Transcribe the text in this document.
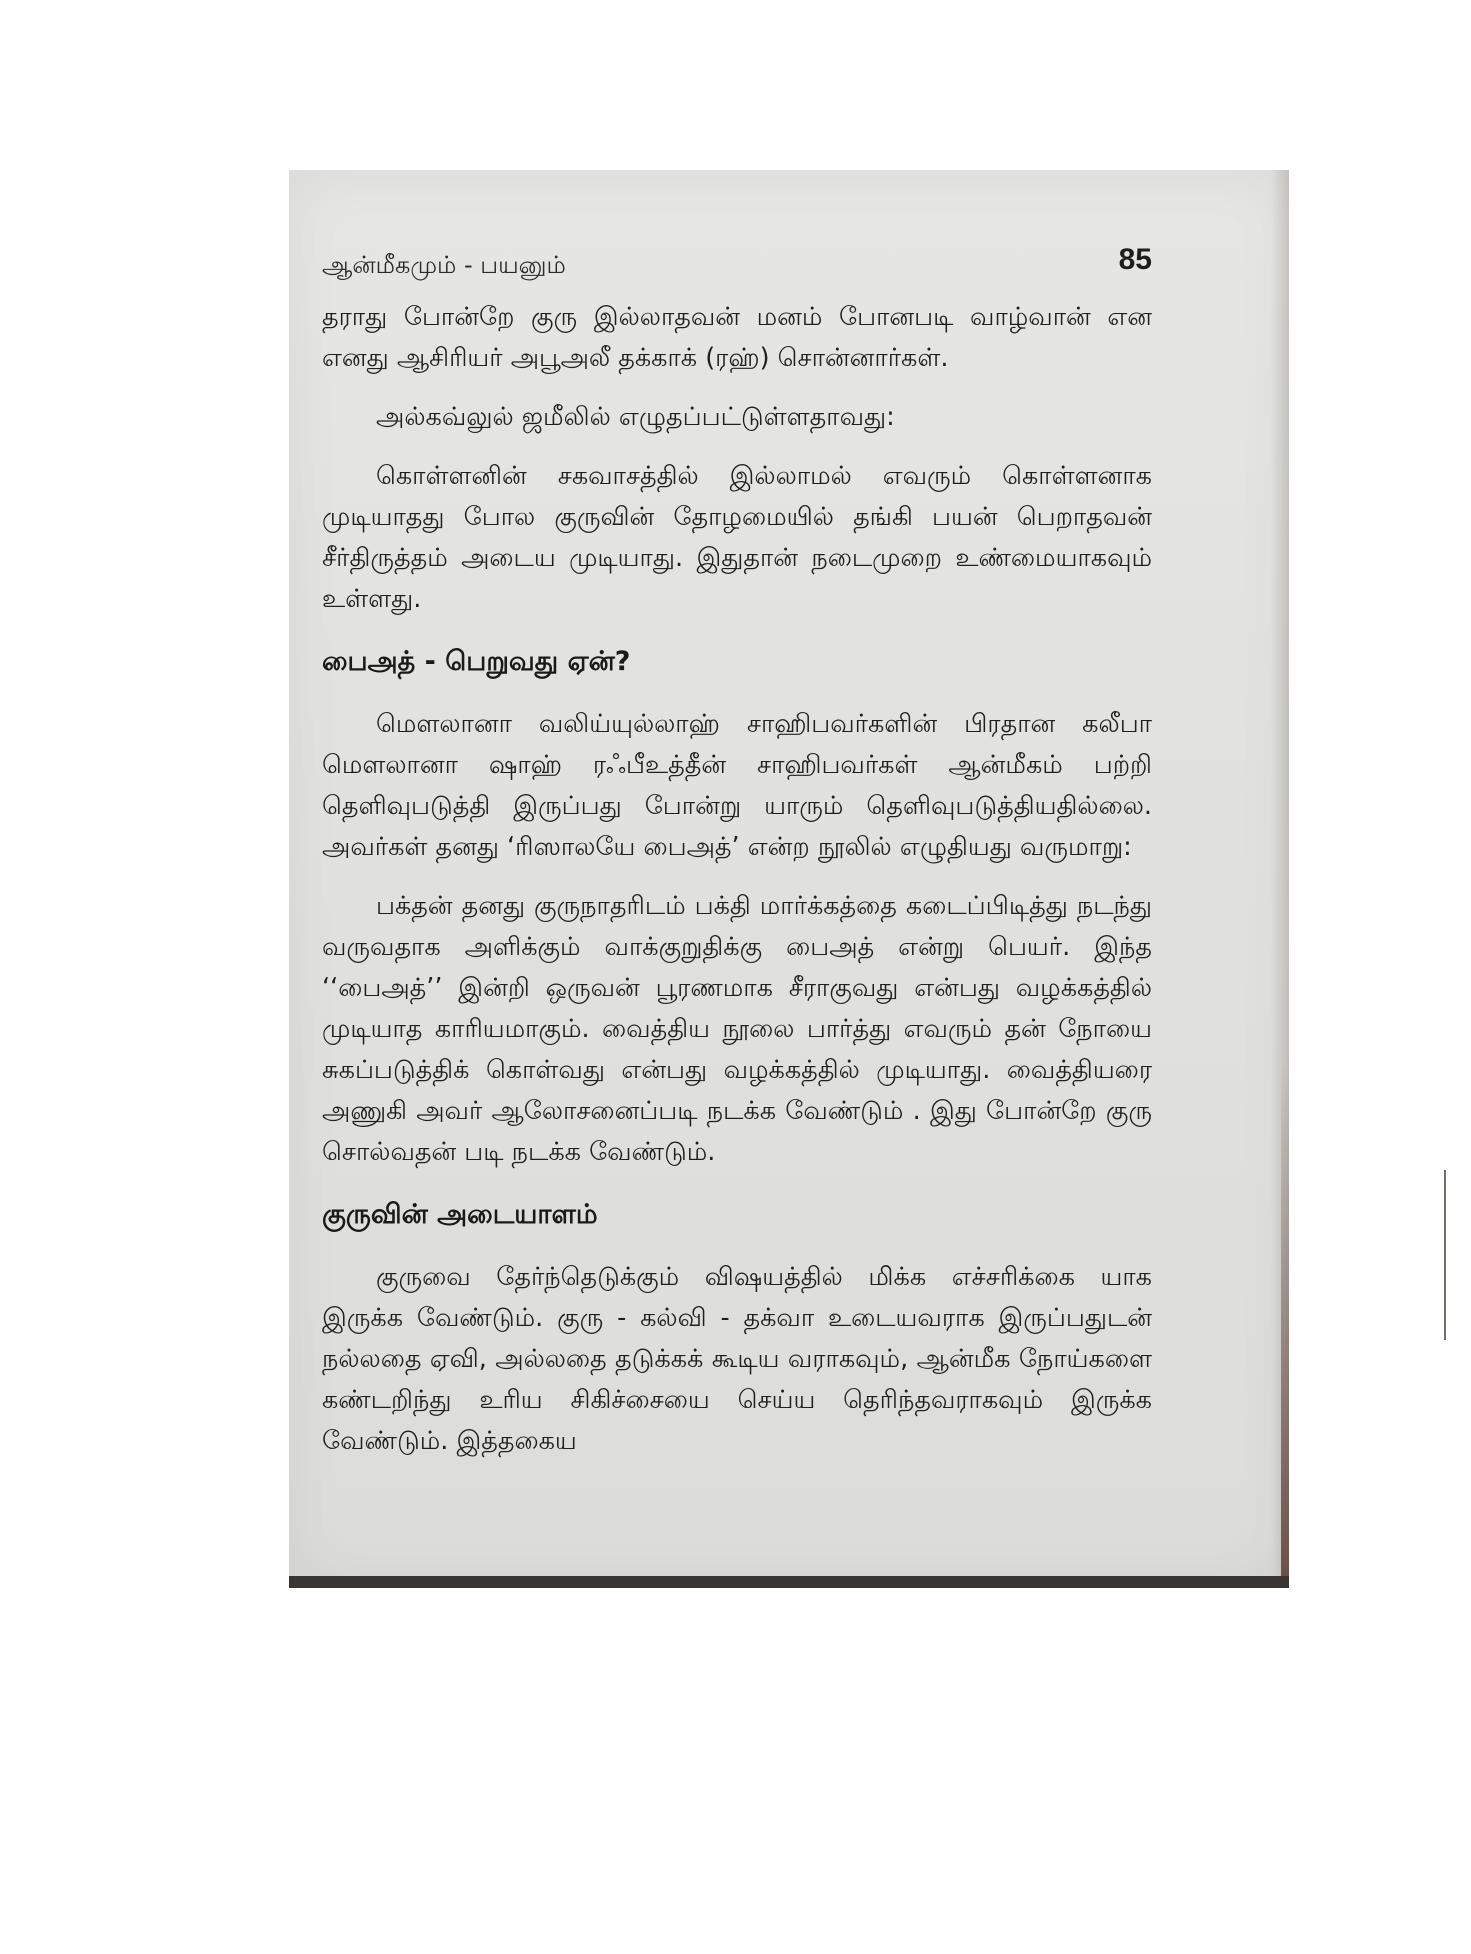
ஆன்மீகமும் - பயனும்	85

தராது போன்றே குரு இல்லாதவன் மனம் போனபடி வாழ்வான் என எனது ஆசிரியர் அபூஅலீ தக்காக் (ரஹ்) சொன்னார்கள்.

அல்கவ்லுல் ஜமீலில் எழுதப்பட்டுள்ளதாவது:

கொள்ளனின் சகவாசத்தில் இல்லாமல் எவரும் கொள்ளனாக முடியாதது போல குருவின் தோழமையில் தங்கி பயன் பெறாதவன் சீர்திருத்தம் அடைய முடியாது. இதுதான் நடைமுறை உண்மையாகவும் உள்ளது.

பைஅத் - பெறுவது ஏன்?

மௌலானா வலிய்யுல்லாஹ் சாஹிபவர்களின் பிரதான கலீபா மௌலானா ஷாஹ் ரஃபீஉத்தீன் சாஹிபவர்கள் ஆன்மீகம் பற்றி தெளிவுபடுத்தி இருப்பது போன்று யாரும் தெளிவுபடுத்தியதில்லை. அவர்கள் தனது ‘ரிஸாலயே பைஅத்’ என்ற நூலில் எழுதியது வருமாறு:

பக்தன் தனது குருநாதரிடம் பக்தி மார்க்கத்தை கடைப்பிடித்து நடந்து வருவதாக அளிக்கும் வாக்குறுதிக்கு பைஅத் என்று பெயர். இந்த ‘‘பைஅத்’’ இன்றி ஒருவன் பூரணமாக சீராகுவது என்பது வழக்கத்தில் முடியாத காரியமாகும். வைத்திய நூலை பார்த்து எவரும் தன் நோயை சுகப்படுத்திக் கொள்வது என்பது வழக்கத்தில் முடியாது. வைத்தியரை அணுகி அவர் ஆலோசனைப்படி நடக்க வேண்டும் . இது போன்றே குரு சொல்வதன் படி நடக்க வேண்டும்.

குருவின் அடையாளம்

குருவை தேர்ந்தெடுக்கும் விஷயத்தில் மிக்க எச்சரிக்கை யாக இருக்க வேண்டும். குரு - கல்வி - தக்வா உடையவராக இருப்பதுடன் நல்லதை ஏவி, அல்லதை தடுக்கக் கூடிய வராகவும், ஆன்மீக நோய்களை கண்டறிந்து உரிய சிகிச்சையை செய்ய தெரிந்தவராகவும் இருக்க வேண்டும். இத்தகைய
